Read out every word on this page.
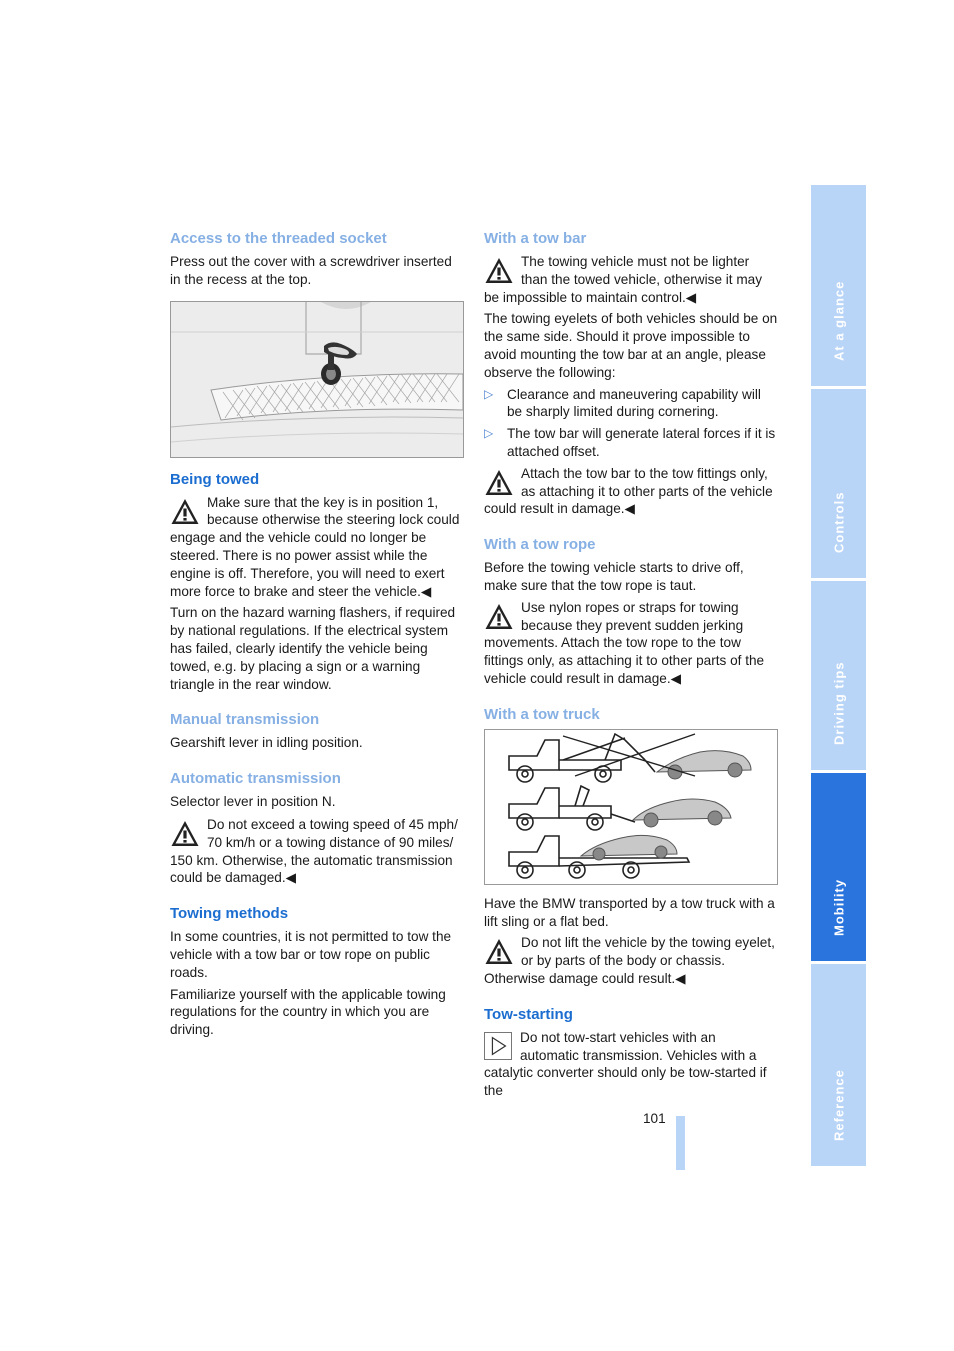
Access to the threaded socket

Press out the cover with a screwdriver inserted in the recess at the top.

Being towed

Make sure that the key is in position 1, because otherwise the steering lock could engage and the vehicle could no longer be steered. There is no power assist while the engine is off. Therefore, you will need to exert more force to brake and steer the vehicle.◀

Turn on the hazard warning flashers, if required by national regulations. If the electrical system has failed, clearly identify the vehicle being towed, e.g. by placing a sign or a warning triangle in the rear window.

Manual transmission

Gearshift lever in idling position.

Automatic transmission

Selector lever in position N.

Do not exceed a towing speed of 45 mph/ 70 km/h or a towing distance of 90 miles/ 150 km. Otherwise, the automatic transmission could be damaged.◀

Towing methods

In some countries, it is not permitted to tow the vehicle with a tow bar or tow rope on public roads.

Familiarize yourself with the applicable towing regulations for the country in which you are driving.

With a tow bar

The towing vehicle must not be lighter than the towed vehicle, otherwise it may be impossible to maintain control.◀

The towing eyelets of both vehicles should be on the same side. Should it prove impossible to avoid mounting the tow bar at an angle, please observe the following:

▷ Clearance and maneuvering capability will be sharply limited during cornering.

▷ The tow bar will generate lateral forces if it is attached offset.

Attach the tow bar to the tow fittings only, as attaching it to other parts of the vehicle could result in damage.◀

With a tow rope

Before the towing vehicle starts to drive off, make sure that the tow rope is taut.

Use nylon ropes or straps for towing because they prevent sudden jerking movements. Attach the tow rope to the tow fittings only, as attaching it to other parts of the vehicle could result in damage.◀

With a tow truck

Have the BMW transported by a tow truck with a lift sling or a flat bed.

Do not lift the vehicle by the towing eyelet, or by parts of the body or chassis. Otherwise damage could result.◀

Tow-starting

Do not tow-start vehicles with an automatic transmission. Vehicles with a catalytic converter should only be tow-started if the

At a glance
Controls
Driving tips
Mobility
Reference
101
